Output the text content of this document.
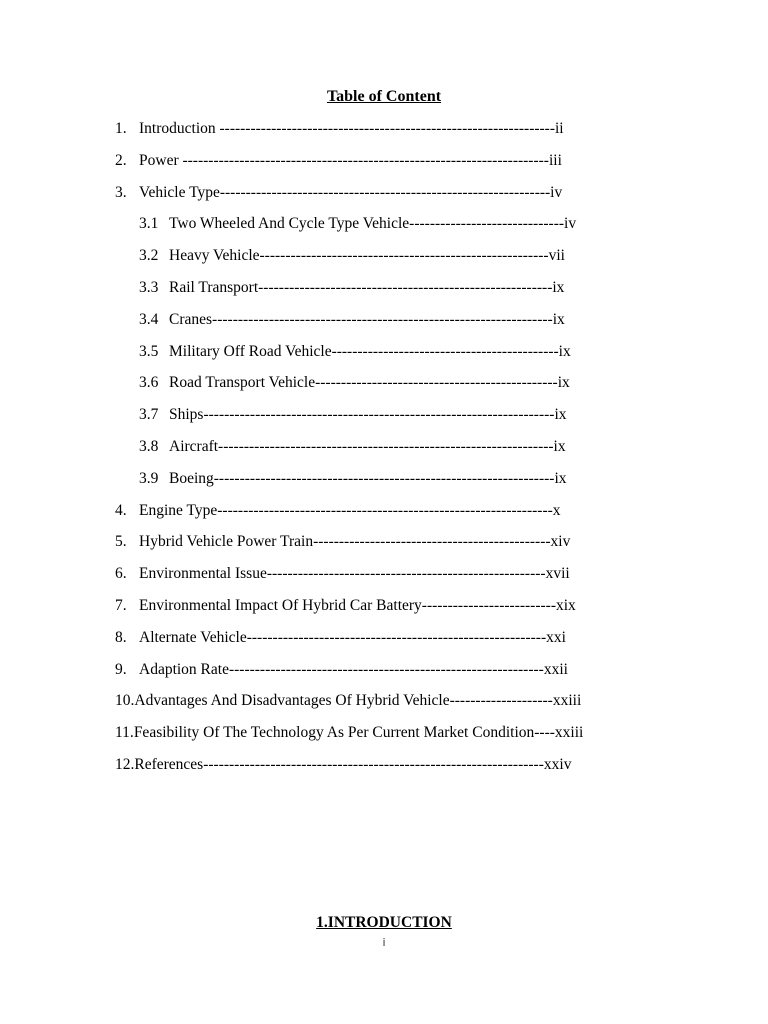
Table of Content
1. Introduction -----------------------------------------------------------------ii
2. Power -----------------------------------------------------------------------iii
3. Vehicle Type----------------------------------------------------------------iv
3.1 Two Wheeled And Cycle Type Vehicle------------------------------iv
3.2 Heavy Vehicle--------------------------------------------------------vii
3.3 Rail Transport---------------------------------------------------------ix
3.4 Cranes------------------------------------------------------------------ix
3.5 Military Off Road Vehicle--------------------------------------------ix
3.6 Road Transport Vehicle-----------------------------------------------ix
3.7 Ships--------------------------------------------------------------------ix
3.8 Aircraft-----------------------------------------------------------------ix
3.9 Boeing------------------------------------------------------------------ix
4. Engine Type-----------------------------------------------------------------x
5. Hybrid Vehicle Power Train----------------------------------------------xiv
6. Environmental Issue------------------------------------------------------xvii
7. Environmental Impact Of Hybrid Car Battery--------------------------xix
8. Alternate Vehicle----------------------------------------------------------xxi
9. Adaption Rate-------------------------------------------------------------xxii
10.Advantages And Disadvantages Of Hybrid Vehicle--------------------xxiii
11.Feasibility Of The Technology As Per Current Market Condition----xxiii
12.References------------------------------------------------------------------xxiv
1.INTRODUCTION
i
